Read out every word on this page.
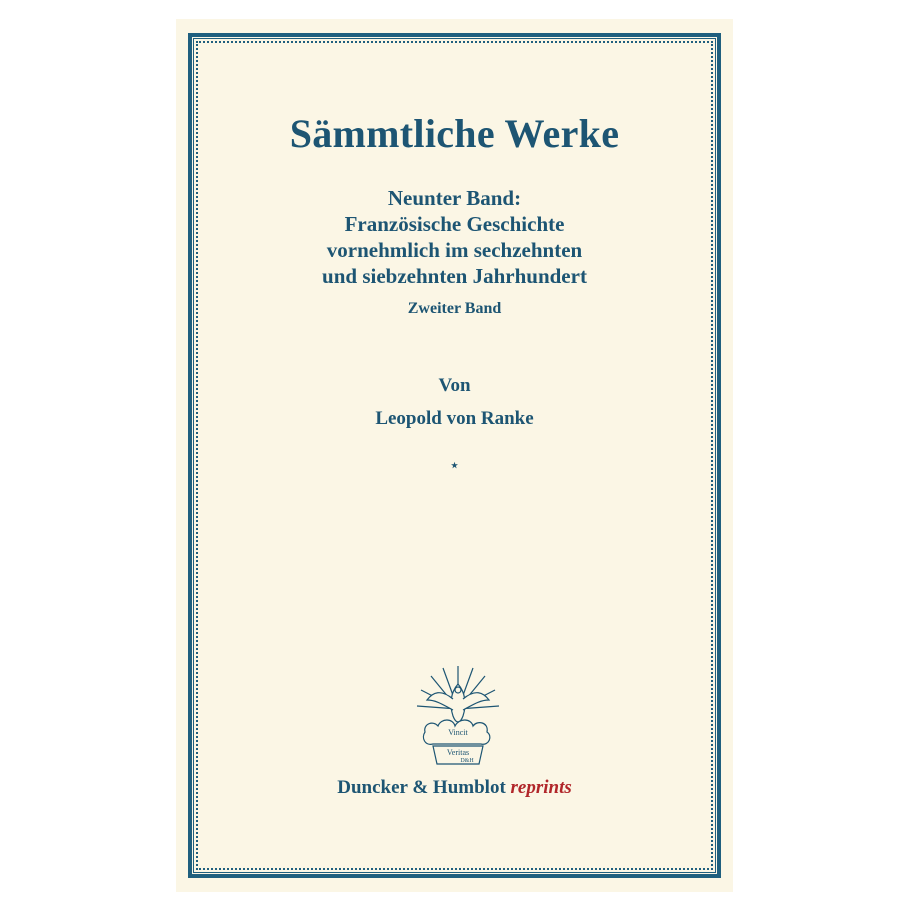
Sämmtliche Werke
Neunter Band:
Französische Geschichte
vornehmlich im sechzehnten
und siebzehnten Jahrhundert
Zweiter Band
Von
Leopold von Ranke
⋆
Vincit
Veritas
D&H
Duncker & Humblot reprints
